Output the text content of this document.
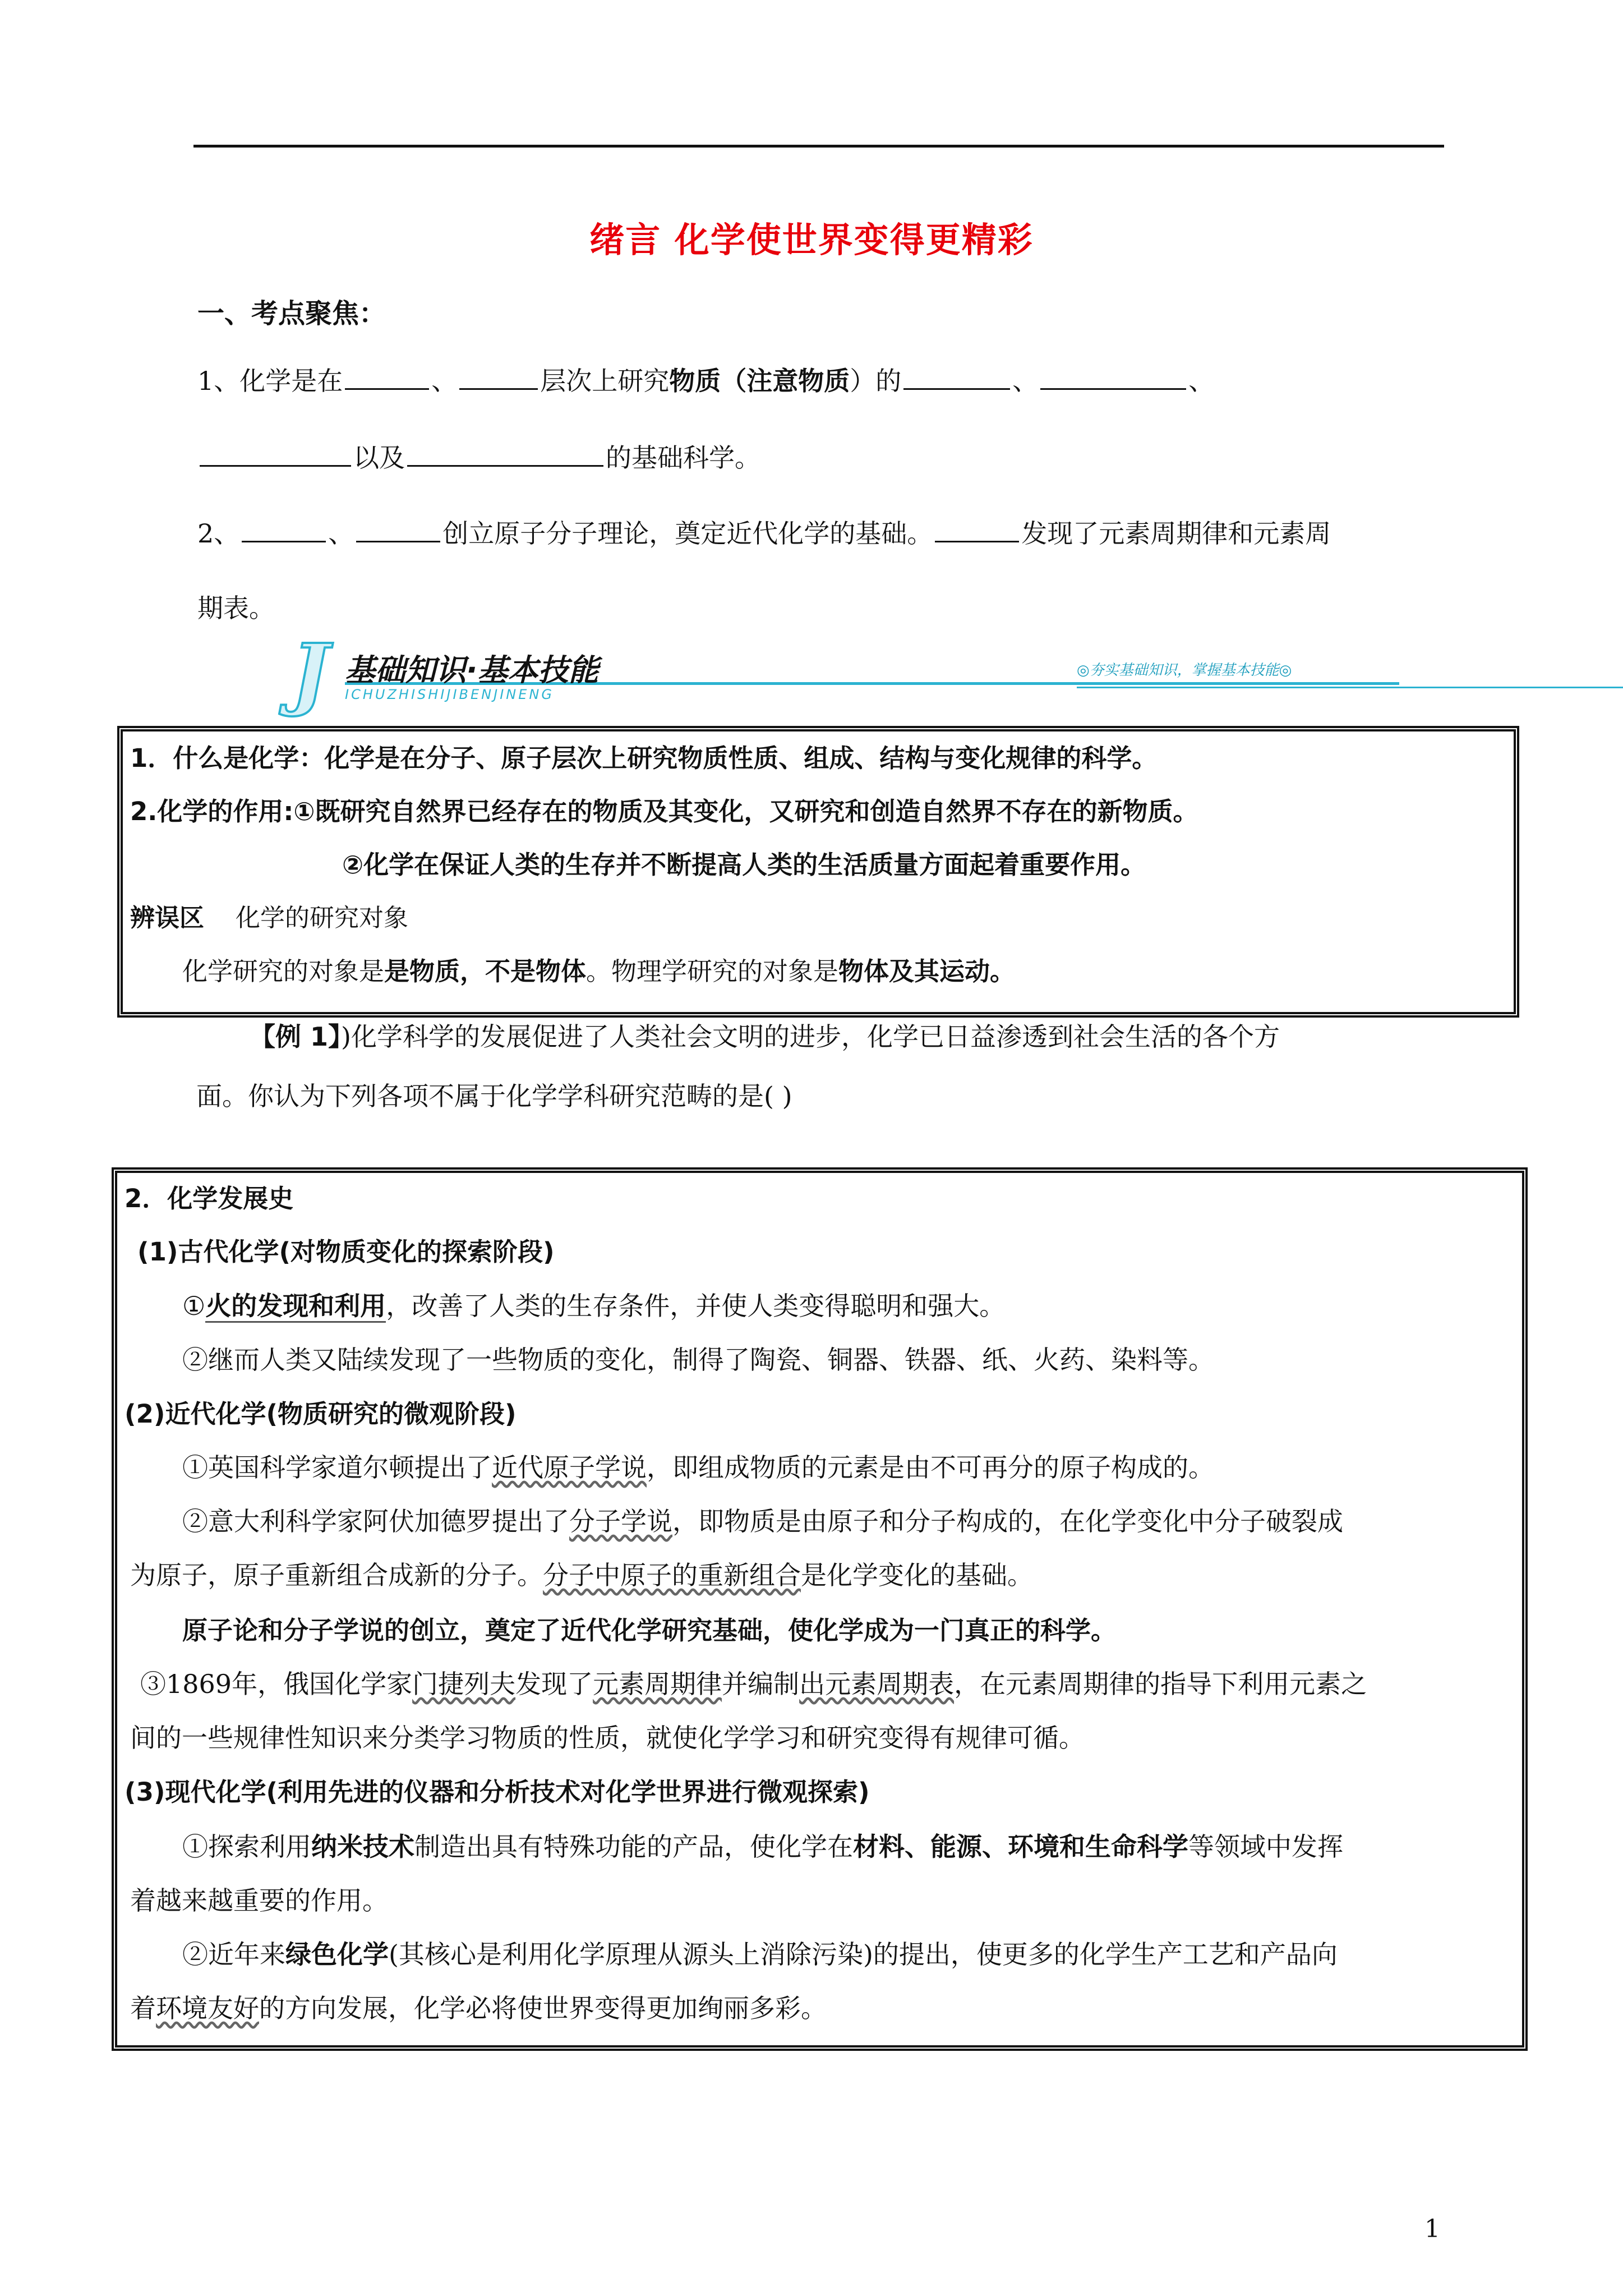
绪言 化学使世界变得更精彩
一、考点聚焦：
1、化学是在	、	层次上研究物质（注意物质）的	、	、
以及	的基础科学。
2、	、	创立原子分子理论，奠定近代化学的基础。	发现了元素周期律和元素周
期表。
J 基础知识·基本技能
ICHUZHISHIJIBENJINENG
◎夯实基础知识，掌握基本技能◎
1．什么是化学：化学是在分子、原子层次上研究物质性质、组成、结构与变化规律的科学。
2.化学的作用:①既研究自然界已经存在的物质及其变化，又研究和创造自然界不存在的新物质。
②化学在保证人类的生存并不断提高人类的生活质量方面起着重要作用。
辨误区 化学的研究对象
化学研究的对象是是物质，不是物体。物理学研究的对象是物体及其运动。
【例 1】)化学科学的发展促进了人类社会文明的进步，化学已日益渗透到社会生活的各个方
面。你认为下列各项不属于化学学科研究范畴的是( )
2．化学发展史
(1)古代化学(对物质变化的探索阶段)
①火的发现和利用，改善了人类的生存条件，并使人类变得聪明和强大。
②继而人类又陆续发现了一些物质的变化，制得了陶瓷、铜器、铁器、纸、火药、染料等。
(2)近代化学(物质研究的微观阶段)
①英国科学家道尔顿提出了近代原子学说，即组成物质的元素是由不可再分的原子构成的。
②意大利科学家阿伏加德罗提出了分子学说，即物质是由原子和分子构成的，在化学变化中分子破裂成
为原子，原子重新组合成新的分子。分子中原子的重新组合是化学变化的基础。
原子论和分子学说的创立，奠定了近代化学研究基础，使化学成为一门真正的科学。
③1869年，俄国化学家门捷列夫发现了元素周期律并编制出元素周期表，在元素周期律的指导下利用元素之
间的一些规律性知识来分类学习物质的性质，就使化学学习和研究变得有规律可循。
(3)现代化学(利用先进的仪器和分析技术对化学世界进行微观探索)
①探索利用纳米技术制造出具有特殊功能的产品，使化学在材料、能源、环境和生命科学等领域中发挥
着越来越重要的作用。
②近年来绿色化学(其核心是利用化学原理从源头上消除污染)的提出，使更多的化学生产工艺和产品向
着环境友好的方向发展，化学必将使世界变得更加绚丽多彩。
1
